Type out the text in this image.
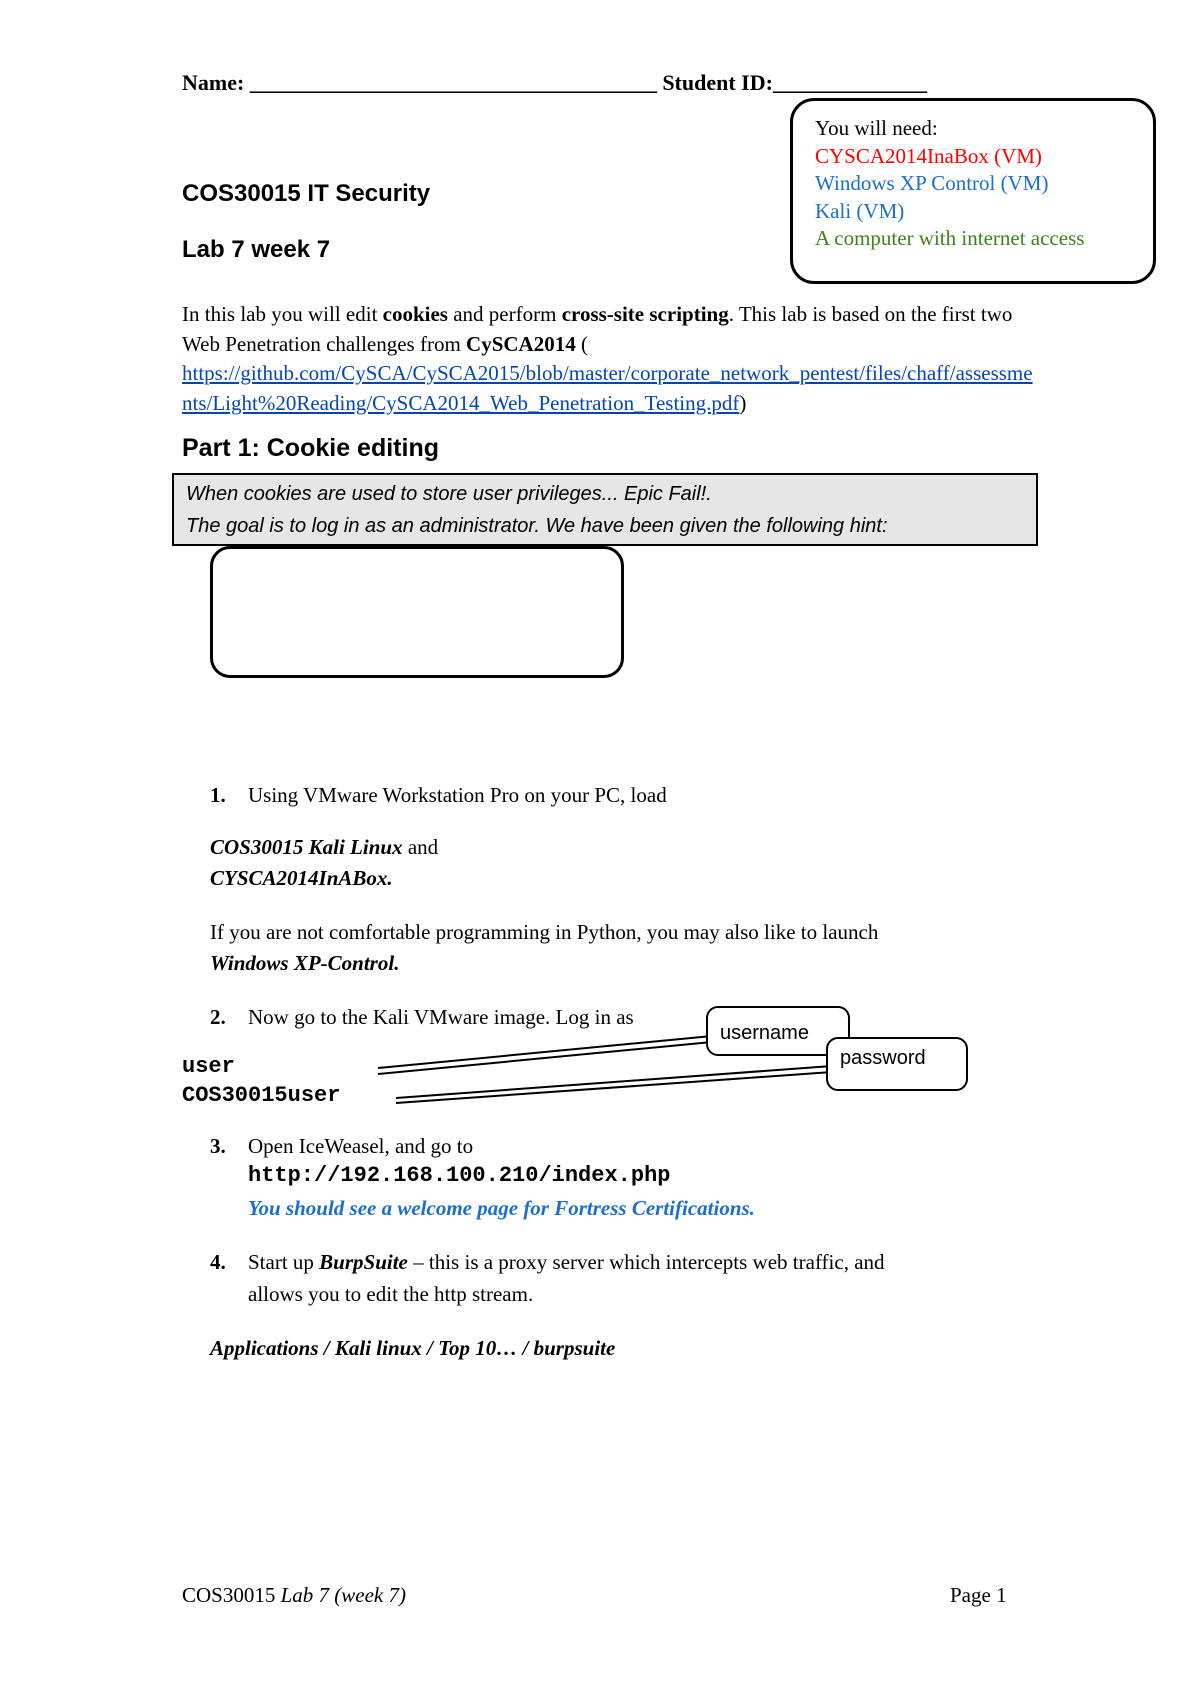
Name: _____________________________________ Student ID:______________
You will need:
CYSCA2014InaBox (VM)
Windows XP Control (VM)
Kali (VM)
A computer with internet access
COS30015 IT Security
Lab 7 week 7
In this lab you will edit cookies and perform cross-site scripting. This lab is based on the first two Web Penetration challenges from CySCA2014 (
https://github.com/CySCA/CySCA2015/blob/master/corporate_network_pentest/files/chaff/assessments/Light%20Reading/CySCA2014_Web_Penetration_Testing.pdf)
Part 1: Cookie editing
When cookies are used to store user privileges... Epic Fail!.
The goal is to log in as an administrator. We have been given the following hint:
1. Using VMware Workstation Pro on your PC, load
COS30015 Kali Linux and
CYSCA2014InABox.
If you are not comfortable programming in Python, you may also like to launch
Windows XP-Control.
2. Now go to the Kali VMware image. Log in as
user
COS30015user
username
password
3. Open IceWeasel, and go to
http://192.168.100.210/index.php
You should see a welcome page for Fortress Certifications.
4. Start up BurpSuite – this is a proxy server which intercepts web traffic, and
allows you to edit the http stream.
Applications / Kali linux / Top 10… / burpsuite
COS30015 Lab 7 (week 7)	Page 1
